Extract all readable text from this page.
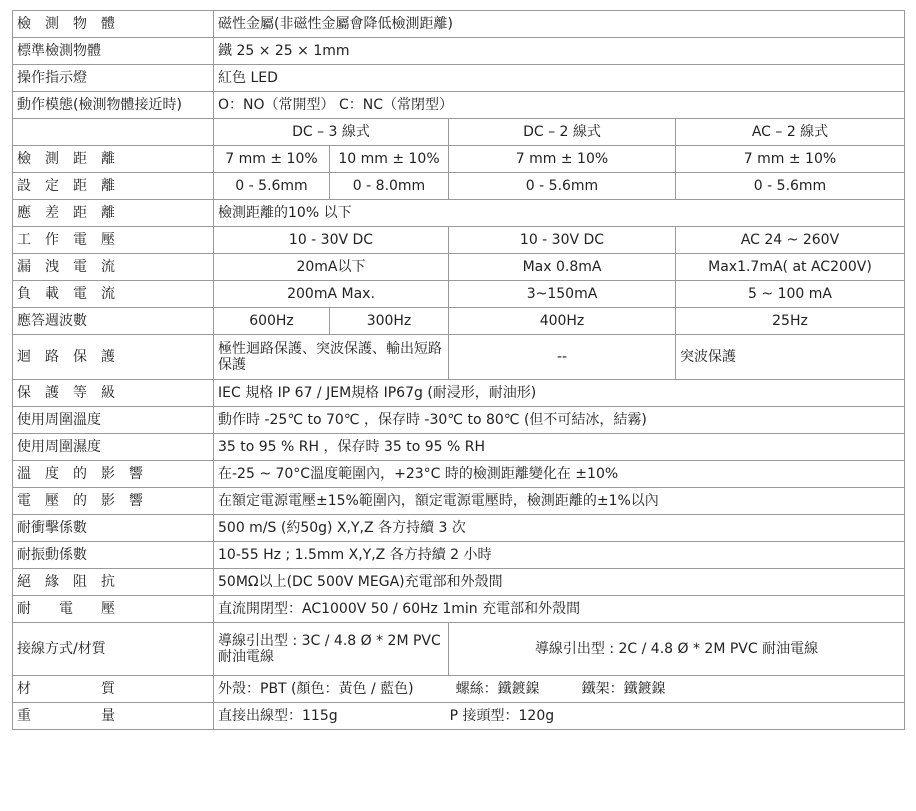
檢　測　物　體	磁性金屬(非磁性金屬會降低檢測距離)			
標準檢測物體	鐵 25 × 25 × 1mm			
操作指示燈	紅色 LED			
動作模態(檢測物體接近時)	O：NO（常開型） C：NC（常閉型）			
	DC – 3 線式		DC – 2 線式	AC – 2 線式
檢　測　距　離	7 mm ± 10%	10 mm ± 10%	7 mm ± 10%	7 mm ± 10%
設　定　距　離	0 - 5.6mm	0 - 8.0mm	0 - 5.6mm	0 - 5.6mm
應　差　距　離	檢測距離的10% 以下			
工　作　電　壓	10 - 30V DC		10 - 30V DC	AC 24 ~ 260V
漏　洩　電　流	20mA以下		Max 0.8mA	Max1.7mA( at AC200V)
負　載　電　流	200mA Max.		3~150mA	5 ~ 100 mA
應答週波數	600Hz	300Hz	400Hz	25Hz
迴　路　保　護	極性迴路保護、突波保護、輸出短路保護		--	突波保護
保　護　等　級	IEC 規格 IP 67 / JEM規格 IP67g (耐浸形，耐油形)			
使用周圍溫度	動作時 -25℃ to 70℃ ，保存時 -30℃ to 80℃ (但不可結冰，結霧)			
使用周圍濕度	35 to 95 % RH ，保存時 35 to 95 % RH			
溫　度　的　影　響	在-25 ~ 70°C溫度範圍內，+23°C 時的檢測距離變化在 ±10%			
電　壓　的　影　響	在額定電源電壓±15%範圍內，額定電源電壓時，檢測距離的±1%以內			
耐衝擊係數	500 m/S (約50g) X,Y,Z 各方持續 3 次			
耐振動係數	10-55 Hz ; 1.5mm X,Y,Z 各方持續 2 小時			
絕　緣　阻　抗	50MΩ以上(DC 500V MEGA)充電部和外殼間			
耐　　電　　壓	直流開閉型：AC1000V 50 / 60Hz 1min 充電部和外殼間			
接線方式/材質	導線引出型 : 3C / 4.8 Ø * 2M PVC 耐油電線		導線引出型 : 2C / 4.8 Ø * 2M PVC 耐油電線	
材　　　　　質	外殼：PBT (顏色：黃色 / 藍色)　　　螺絲：鐵鍍鎳　　　鐵架：鐵鍍鎳			
重　　　　　量	直接出線型：115g　　　　　　　　P 接頭型：120g			
